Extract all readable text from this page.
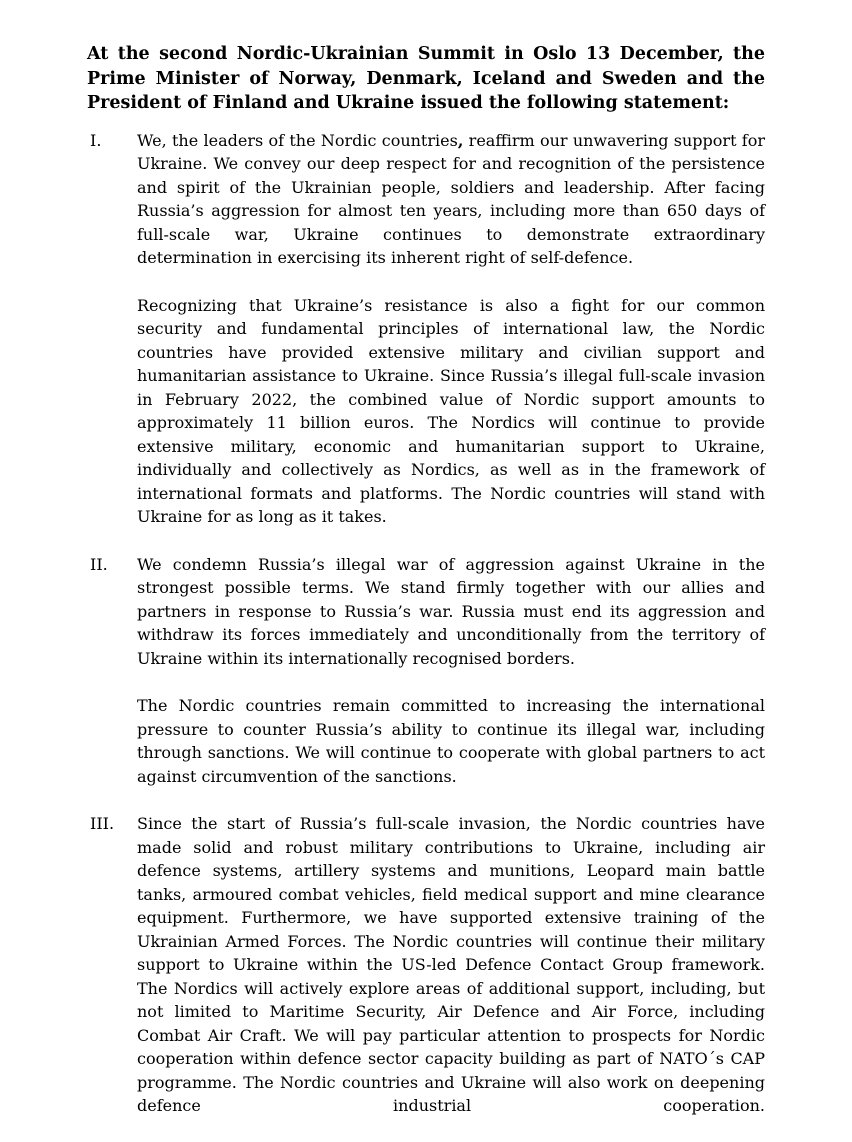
At the second Nordic-Ukrainian Summit in Oslo 13 December, the Prime Minister of Norway, Denmark, Iceland and Sweden and the President of Finland and Ukraine issued the following statement:

I.	We, the leaders of the Nordic countries, reaffirm our unwavering support for Ukraine. We convey our deep respect for and recognition of the persistence and spirit of the Ukrainian people, soldiers and leadership. After facing Russia’s aggression for almost ten years, including more than 650 days of full-scale war, Ukraine continues to demonstrate extraordinary determination in exercising its inherent right of self-defence.

Recognizing that Ukraine’s resistance is also a fight for our common security and fundamental principles of international law, the Nordic countries have provided extensive military and civilian support and humanitarian assistance to Ukraine. Since Russia’s illegal full-scale invasion in February 2022, the combined value of Nordic support amounts to approximately 11 billion euros. The Nordics will continue to provide extensive military, economic and humanitarian support to Ukraine, individually and collectively as Nordics, as well as in the framework of international formats and platforms. The Nordic countries will stand with Ukraine for as long as it takes.

II.	We condemn Russia’s illegal war of aggression against Ukraine in the strongest possible terms. We stand firmly together with our allies and partners in response to Russia’s war. Russia must end its aggression and withdraw its forces immediately and unconditionally from the territory of Ukraine within its internationally recognised borders.

The Nordic countries remain committed to increasing the international pressure to counter Russia’s ability to continue its illegal war, including through sanctions. We will continue to cooperate with global partners to act against circumvention of the sanctions.

III.	Since the start of Russia’s full-scale invasion, the Nordic countries have made solid and robust military contributions to Ukraine, including air defence systems, artillery systems and munitions, Leopard main battle tanks, armoured combat vehicles, field medical support and mine clearance equipment. Furthermore, we have supported extensive training of the Ukrainian Armed Forces. The Nordic countries will continue their military support to Ukraine within the US-led Defence Contact Group framework. The Nordics will actively explore areas of additional support, including, but not limited to Maritime Security, Air Defence and Air Force, including Combat Air Craft. We will pay particular attention to prospects for Nordic cooperation within defence sector capacity building as part of NATO´s CAP programme. The Nordic countries and Ukraine will also work on deepening defence industrial cooperation.
